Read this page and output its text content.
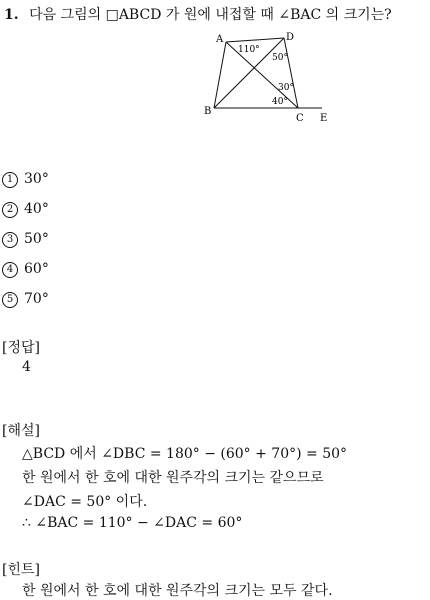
1. 다음 그림의 □ABCD 가 원에 내접할 때 ∠BAC 의 크기는?
A	D
B
C E
110°
50°
30°
40°
1 30°
2 40°
3 50°
4 60°
5 70°
[정답]
4
[해설]
△BCD 에서 ∠DBC = 180° − (60° + 70°) = 50°
한 원에서 한 호에 대한 원주각의 크기는 같으므로
∠DAC = 50° 이다.
∴ ∠BAC = 110° − ∠DAC = 60°
[힌트]
한 원에서 한 호에 대한 원주각의 크기는 모두 같다.
